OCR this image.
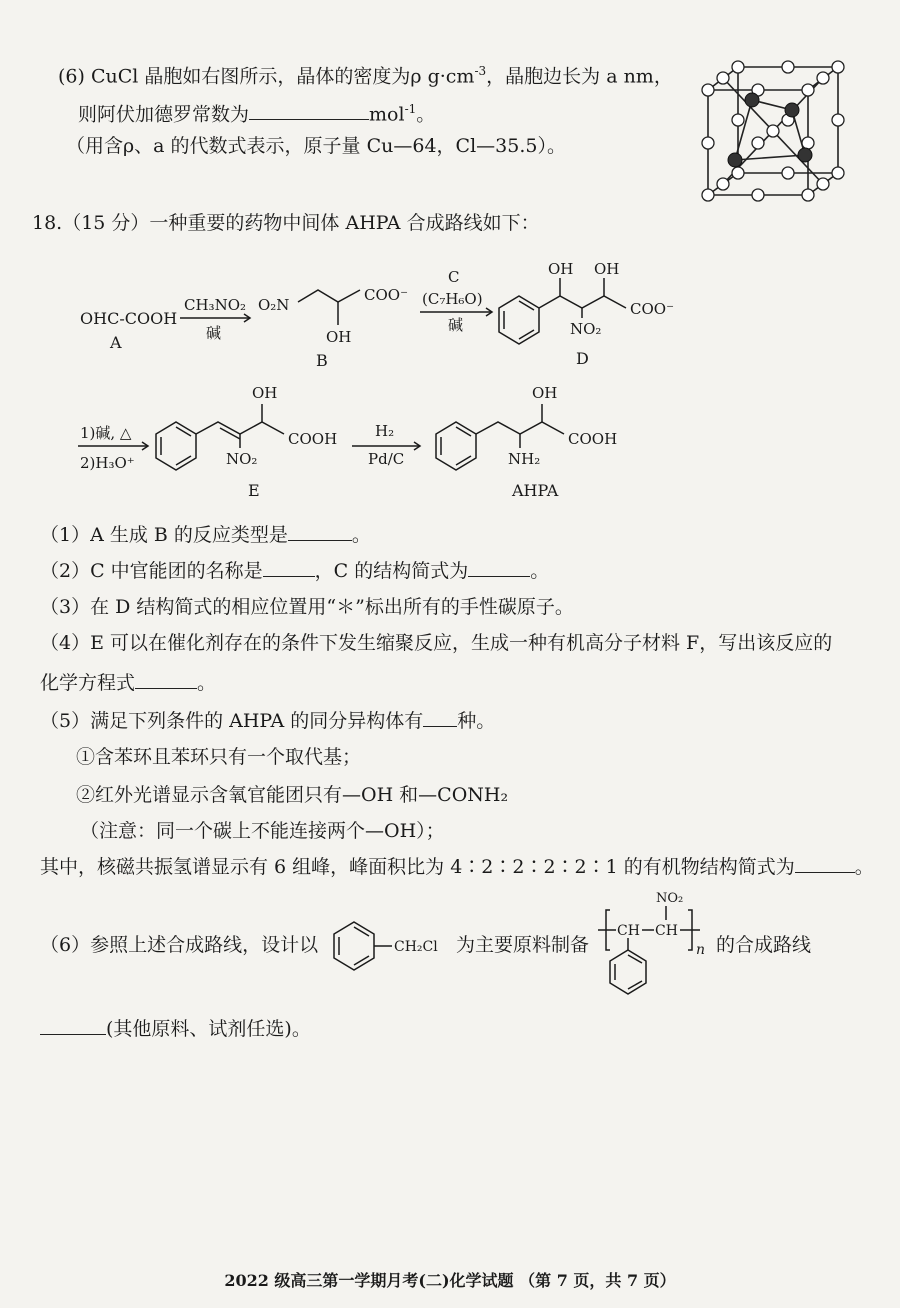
(6) CuCl 晶胞如右图所示，晶体的密度为ρ $g\cdot cm^{-3}$，晶胞边长为 a nm，
则阿伏加德罗常数为	mol$^{-1}$。
（用含ρ、a 的代数式表示，原子量 Cu—64，Cl—35.5）。
18.（15 分）一种重要的药物中间体 AHPA 合成路线如下：
OHC-COOH
A
CH₃NO₂
碱
O₂N
COO⁻
OH
B
C
(C₇H₆O)
碱
OH OH
NO₂
COO⁻
D
1)碱, △
2)H₃O⁺
OH
COOH
NO₂
E
H₂
Pd/C
OH
COOH
NH₂
AHPA
（1）A 生成 B 的反应类型是	。
（2）C 中官能团的名称是	，C 的结构简式为	。
（3）在 D 结构简式的相应位置用“＊”标出所有的手性碳原子。
（4）E 可以在催化剂存在的条件下发生缩聚反应，生成一种有机高分子材料 F，写出该反应的
化学方程式	。
（5）满足下列条件的 AHPA 的同分异构体有 种。
①含苯环且苯环只有一个取代基；
②红外光谱显示含氧官能团只有—OH 和—CONH₂
（注意：同一个碳上不能连接两个—OH）；
其中，核磁共振氢谱显示有 6 组峰，峰面积比为 4∶2∶2∶2∶2∶1 的有机物结构简式为	。
（6）参照上述合成路线，设计以	CH₂Cl 为主要原料制备
CH CH
NO₂
n 的合成路线
(其他原料、试剂任选)。
2022 级高三第一学期月考(二)化学试题 （第 7 页，共 7 页）
